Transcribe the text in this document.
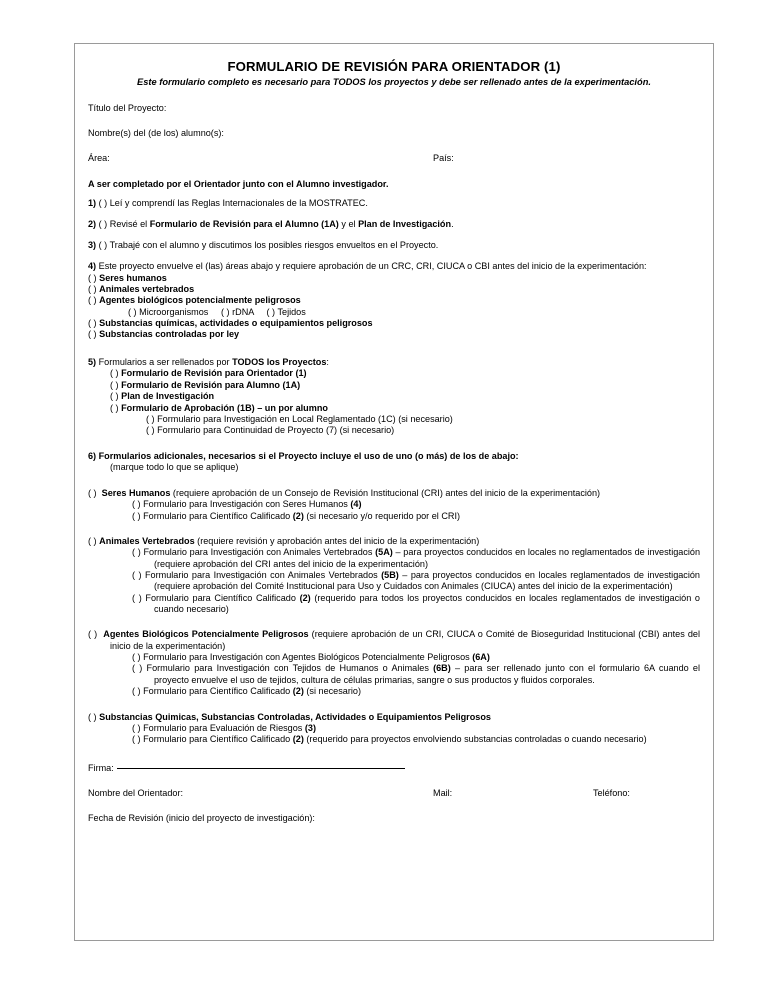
FORMULARIO DE REVISIÓN PARA ORIENTADOR (1)
Este formulario completo es necesario para TODOS los proyectos y debe ser rellenado antes de la experimentación.
Título del Proyecto:
Nombre(s) del (de los) alumno(s):
Área:	País:
A ser completado por el Orientador junto con el Alumno investigador.
1) ( ) Leí y comprendí las Reglas Internacionales de la MOSTRATEC.
2) ( ) Revisé el Formulario de Revisión para el Alumno (1A) y el Plan de Investigación.
3) ( ) Trabajé con el alumno y discutimos los posibles riesgos envueltos en el Proyecto.
4) Este proyecto envuelve el (las) áreas abajo y requiere aprobación de un CRC, CRI, CIUCA o CBI antes del inicio de la experimentación:
( ) Seres humanos
( ) Animales vertebrados
( ) Agentes biológicos potencialmente peligrosos
( ) Microorganismos ( ) rDNA ( ) Tejidos
( ) Substancias químicas, actividades o equipamientos peligrosos
( ) Substancias controladas por ley
5) Formularios a ser rellenados por TODOS los Proyectos:
( ) Formulario de Revisión para Orientador (1)
( ) Formulario de Revisión para Alumno (1A)
( ) Plan de Investigación
( ) Formulario de Aprobación (1B) – un por alumno
( ) Formulario para Investigación en Local Reglamentado (1C) (si necesario)
( ) Formulario para Continuidad de Proyecto (7) (si necesario)
6) Formularios adicionales, necesarios si el Proyecto incluye el uso de uno (o más) de los de abajo:
(marque todo lo que se aplique)
( ) Seres Humanos (requiere aprobación de un Consejo de Revisión Institucional (CRI) antes del inicio de la experimentación)
( ) Formulario para Investigación con Seres Humanos (4)
( ) Formulario para Científico Calificado (2) (si necesario y/o requerido por el CRI)
( ) Animales Vertebrados (requiere revisión y aprobación antes del inicio de la experimentación)
( ) Formulario para Investigación con Animales Vertebrados (5A) – para proyectos conducidos en locales no reglamentados de investigación (requiere aprobación del CRI antes del inicio de la experimentación)
( ) Formulario para Investigación con Animales Vertebrados (5B) – para proyectos conducidos en locales reglamentados de investigación (requiere aprobación del Comité Institucional para Uso y Cuidados con Animales (CIUCA) antes del inicio de la experimentación)
( ) Formulario para Científico Calificado (2) (requerido para todos los proyectos conducidos en locales reglamentados de investigación o cuando necesario)
( ) Agentes Biológicos Potencialmente Peligrosos (requiere aprobación de un CRI, CIUCA o Comité de Bioseguridad Institucional (CBI) antes del inicio de la experimentación)
( ) Formulario para Investigación con Agentes Biológicos Potencialmente Peligrosos (6A)
( ) Formulario para Investigación con Tejidos de Humanos o Animales (6B) – para ser rellenado junto con el formulario 6A cuando el proyecto envuelve el uso de tejidos, cultura de células primarias, sangre o sus productos y fluidos corporales.
( ) Formulario para Científico Calificado (2) (si necesario)
( ) Substancias Quimicas, Substancias Controladas, Actividades o Equipamientos Peligrosos
( ) Formulario para Evaluación de Riesgos (3)
( ) Formulario para Científico Calificado (2) (requerido para proyectos envolviendo substancias controladas o cuando necesario)
Firma:
Nombre del Orientador:	Mail:	Teléfono:
Fecha de Revisión (inicio del proyecto de investigación):
